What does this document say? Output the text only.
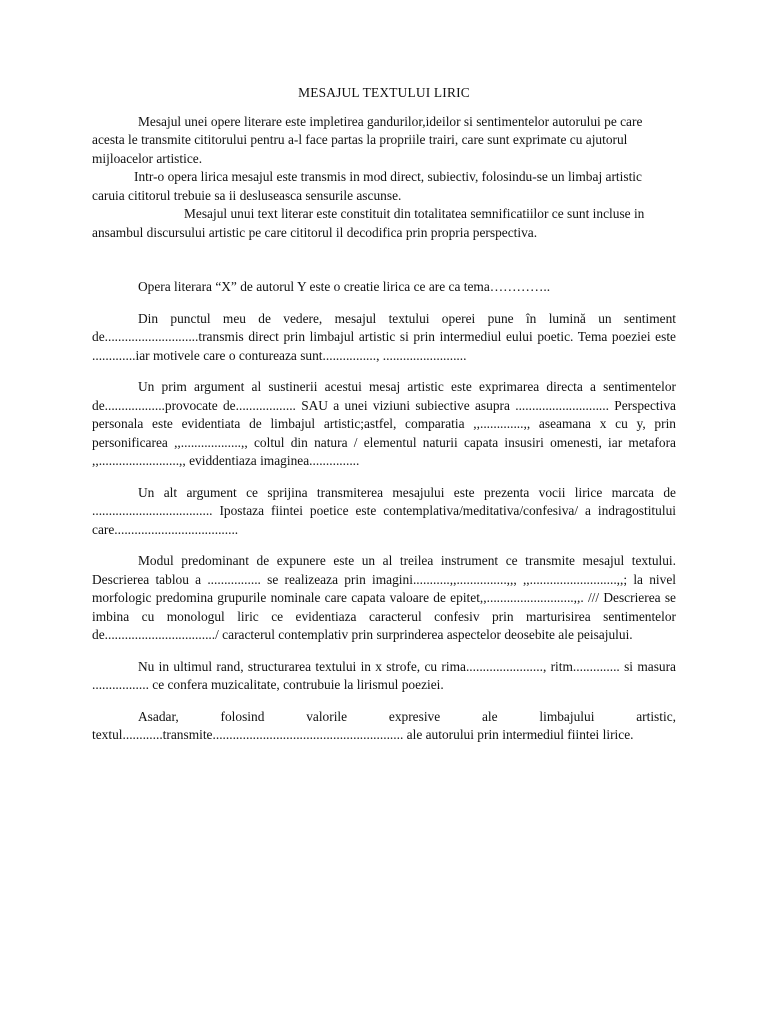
MESAJUL TEXTULUI LIRIC

Mesajul unei opere literare este impletirea gandurilor,ideilor si sentimentelor autorului pe care acesta le transmite cititorului pentru a-l face partas la propriile trairi, care sunt exprimate cu ajutorul mijloacelor artistice.

Intr-o opera lirica mesajul este transmis in mod direct, subiectiv, folosindu-se un limbaj artistic caruia cititorul trebuie sa ii desluseasca sensurile ascunse.

Mesajul unui text literar este constituit din totalitatea semnificatiilor ce sunt incluse in ansambul discursului artistic pe care cititorul il decodifica prin propria perspectiva.

Opera literara “X” de autorul Y este o creatie lirica ce are ca tema…………..

Din punctul meu de vedere, mesajul textului operei pune în lumină un sentiment de............................transmis direct prin limbajul artistic si prin intermediul eului poetic. Tema poeziei este .............iar motivele care o contureaza sunt................, .........................

Un prim argument al sustinerii acestui mesaj artistic este exprimarea directa a sentimentelor de..................provocate de.................. SAU a unei viziuni subiective asupra ............................ Perspectiva personala este evidentiata de limbajul artistic;astfel, comparatia ,,.............,, aseamana x cu y, prin personificarea ,,..................,, coltul din natura / elementul naturii capata insusiri omenesti, iar metafora ,,........................,, eviddentiaza imaginea...............

Un alt argument ce sprijina transmiterea mesajului este prezenta vocii lirice marcata de .................................... Ipostaza fiintei poetice este contemplativa/meditativa/confesiva/ a indragostitului care.....................................

Modul predominant de expunere este un al treilea instrument ce transmite mesajul textului. Descrierea tablou a ................ se realizeaza prin imagini...........,,...............,,, ,,..........................,,; la nivel morfologic predomina grupurile nominale care capata valoare de epitet,,..........................,,. /// Descrierea se imbina cu monologul liric ce evidentiaza caracterul confesiv prin marturisirea sentimentelor de................................./ caracterul contemplativ prin surprinderea aspectelor deosebite ale peisajului.

Nu in ultimul rand, structurarea textului in x strofe, cu rima......................., ritm.............. si masura ................. ce confera muzicalitate, contrubuie la lirismul poeziei.

Asadar, folosind valorile expresive ale limbajului artistic, textul............transmite......................................................... ale autorului prin intermediul fiintei lirice.
